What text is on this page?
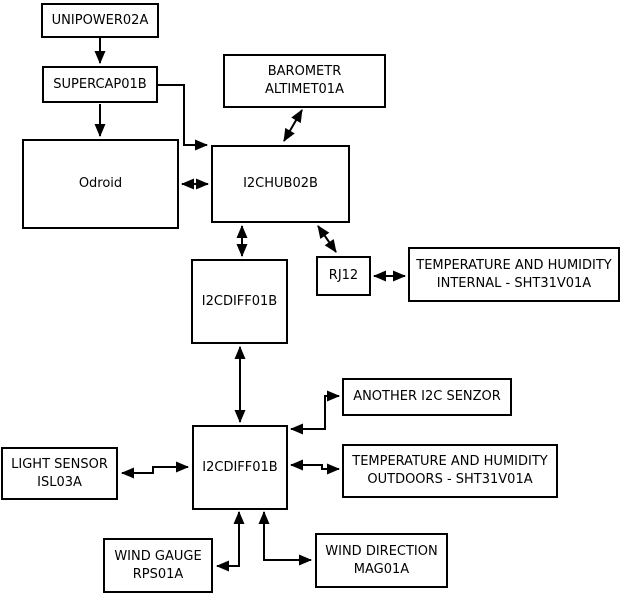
UNIPOWER02A
SUPERCAP01B
Odroid
BAROMETR
ALTIMET01A
I2CHUB02B
RJ12
TEMPERATURE AND HUMIDITY
INTERNAL - SHT31V01A
I2CDIFF01B
ANOTHER I2C SENZOR
I2CDIFF01B	TEMPERATURE AND HUMIDITY
OUTDOORS - SHT31V01A
LIGHT SENSOR
ISL03A
WIND GAUGE
RPS01A
WIND DIRECTION
MAG01A
